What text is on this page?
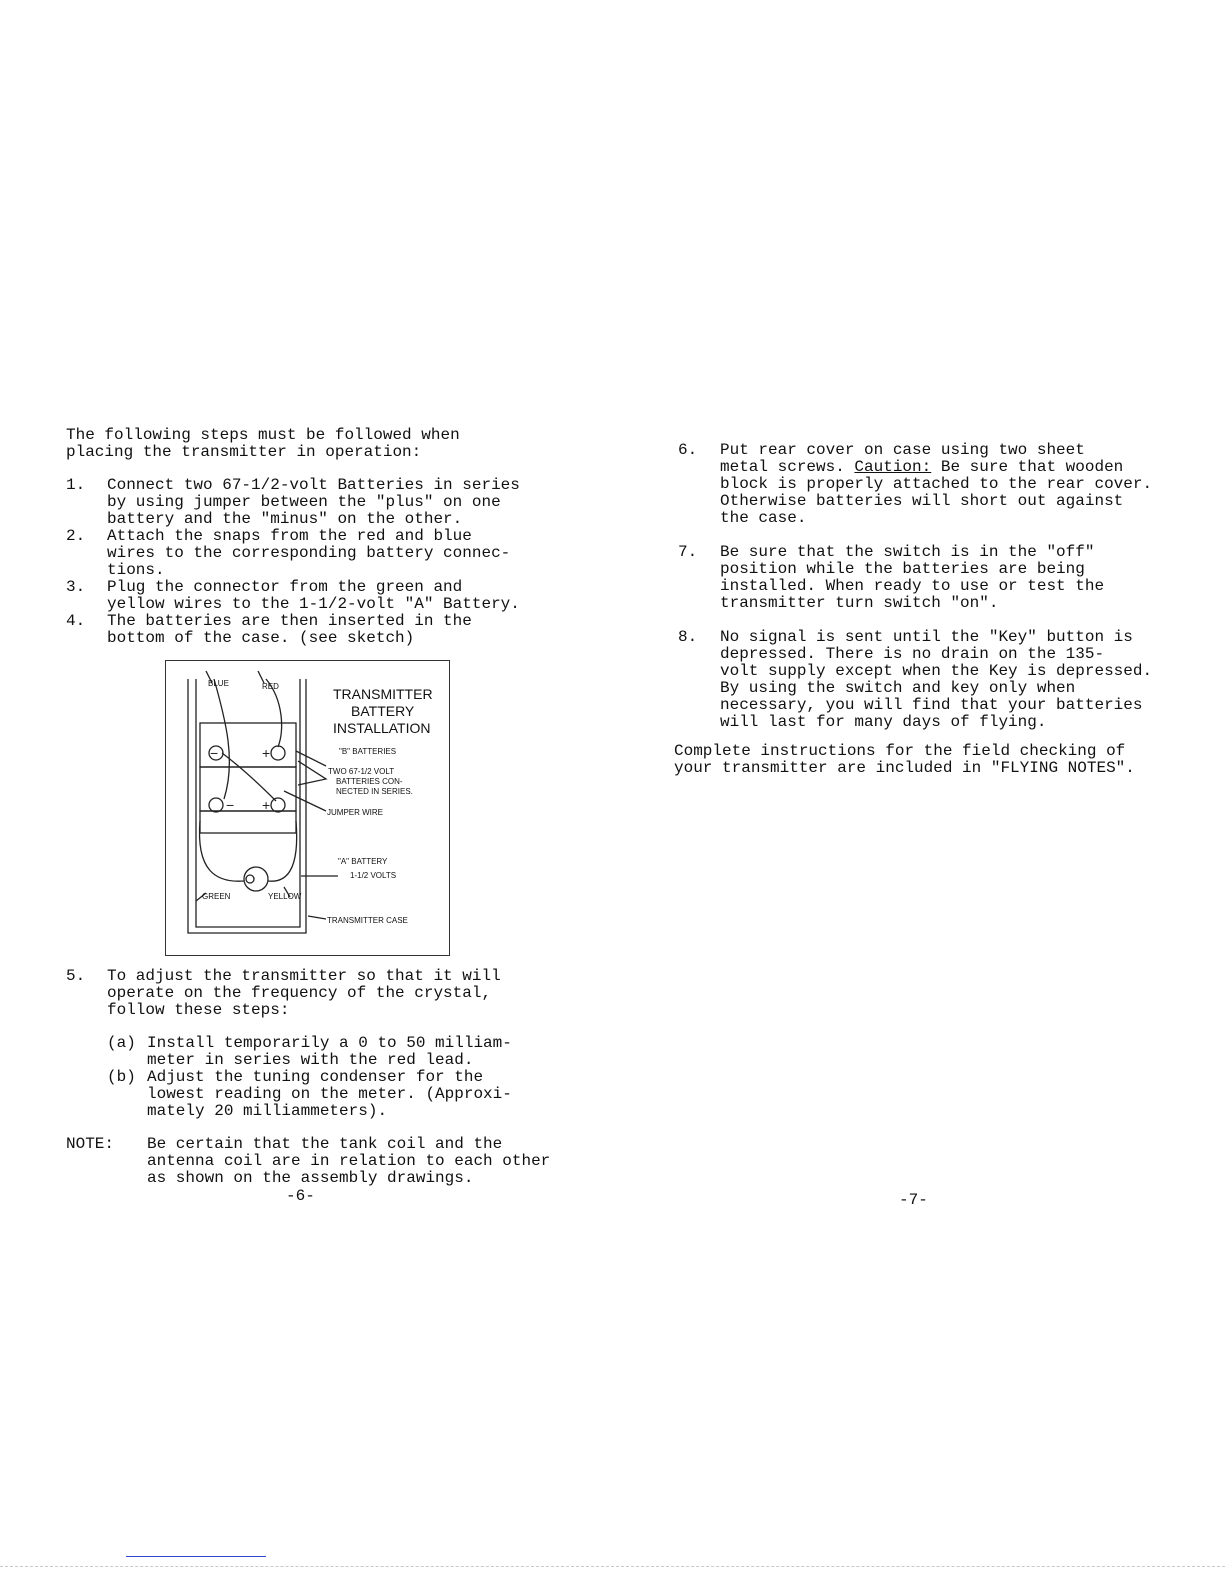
The following steps must be followed when
placing the transmitter in operation:
1. Connect two 67-1/2-volt Batteries in series
by using jumper between the "plus" on one
battery and the "minus" on the other.
2. Attach the snaps from the red and blue
wires to the corresponding battery connec-
tions.
3. Plug the connector from the green and
yellow wires to the 1-1/2-volt "A" Battery.
4. The batteries are then inserted in the
bottom of the case. (see sketch)
−	+
− +
TRANSMITTER
BATTERY
INSTALLATION
"B" BATTERIES
TWO 67-1/2 VOLT
BATTERIES CON-
NECTED IN SERIES.
JUMPER WIRE
"A" BATTERY
1-1/2 VOLTS
TRANSMITTER CASE
BLUE	RED
GREEN	YELLOW
5. To adjust the transmitter so that it will
operate on the frequency of the crystal,
follow these steps:
(a) Install temporarily a 0 to 50 milliam-
meter in series with the red lead.
(b) Adjust the tuning condenser for the
lowest reading on the meter. (Approxi-
mately 20 milliammeters).
NOTE:	Be certain that the tank coil and the
antenna coil are in relation to each other
as shown on the assembly drawings.
-6-
6. Put rear cover on case using two sheet
metal screws. Caution: Be sure that wooden
block is properly attached to the rear cover.
Otherwise batteries will short out against
the case.
7. Be sure that the switch is in the "off"
position while the batteries are being
installed. When ready to use or test the
transmitter turn switch "on".
8. No signal is sent until the "Key" button is
depressed. There is no drain on the 135-
volt supply except when the Key is depressed.
By using the switch and key only when
necessary, you will find that your batteries
will last for many days of flying.
Complete instructions for the field checking of
your transmitter are included in "FLYING NOTES".
-7-
